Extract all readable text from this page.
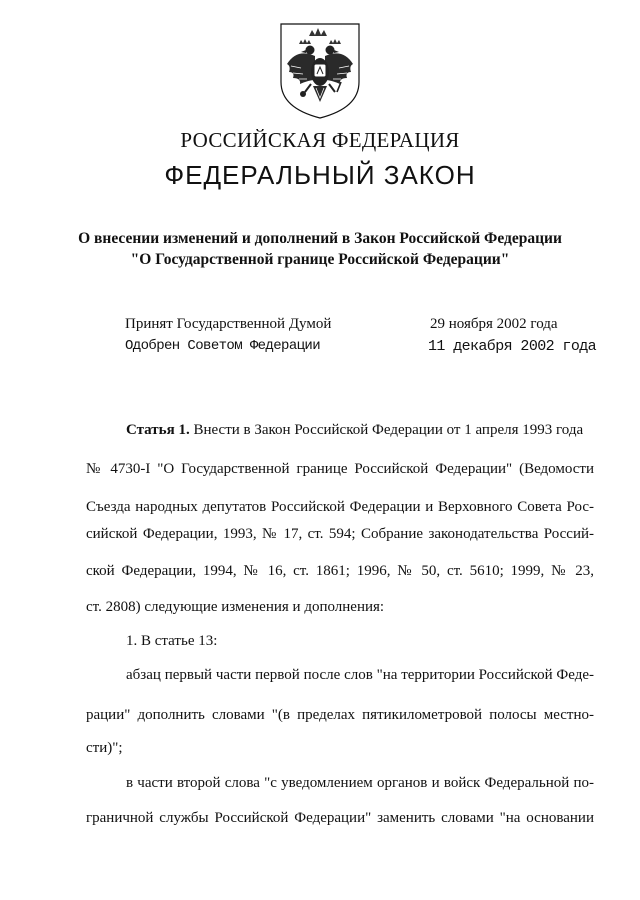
РОССИЙСКАЯ ФЕДЕРАЦИЯ
ФЕДЕРАЛЬНЫЙ ЗАКОН
О внесении изменений и дополнений в Закон Российской Федерации
"О Государственной границе Российской Федерации"
Принят Государственной Думой	29 ноября 2002 года
Одобрен Советом Федерации	11 декабря 2002 года
Статья 1. Внести в Закон Российской Федерации от 1 апреля 1993 года
№ 4730-I "О Государственной границе Российской Федерации" (Ведомости
Съезда народных депутатов Российской Федерации и Верховного Совета Рос-
сийской Федерации, 1993, № 17, ст. 594; Собрание законодательства Россий-
ской Федерации, 1994, № 16, ст. 1861; 1996, № 50, ст. 5610; 1999, № 23,
ст. 2808) следующие изменения и дополнения:
1. В статье 13:
абзац первый части первой после слов "на территории Российской Феде-
рации" дополнить словами "(в пределах пятикилометровой полосы местно-
сти)";
в части второй слова "с уведомлением органов и войск Федеральной по-
граничной службы Российской Федерации" заменить словами "на основании
